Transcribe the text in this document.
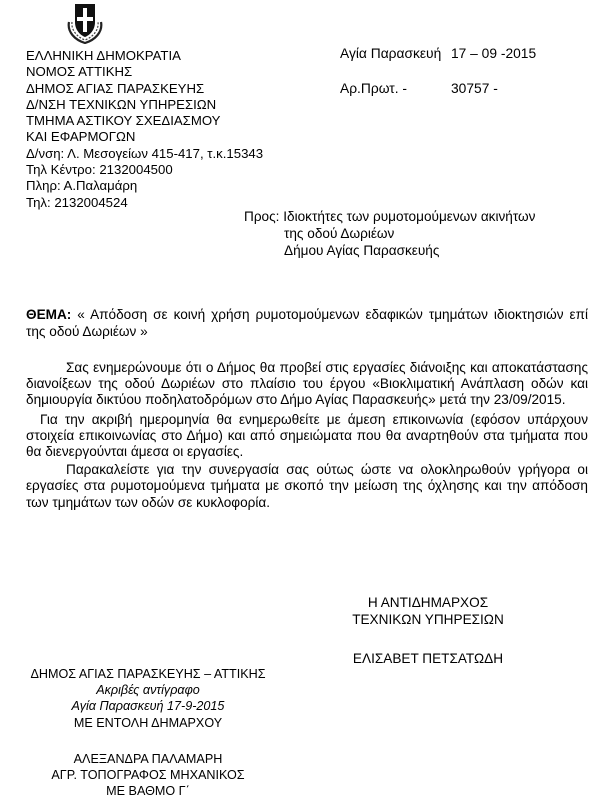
ΕΛΛΗΝΙΚΗ ΔΗΜΟΚΡΑΤΙΑ
ΝΟΜΟΣ ΑΤΤΙΚΗΣ
ΔΗΜΟΣ ΑΓΙΑΣ ΠΑΡΑΣΚΕΥΗΣ
Δ/ΝΣΗ ΤΕΧΝΙΚΩΝ ΥΠΗΡΕΣΙΩΝ
ΤΜΗΜΑ ΑΣΤΙΚΟΥ ΣΧΕΔΙΑΣΜΟΥ
ΚΑΙ ΕΦΑΡΜΟΓΩΝ
Δ/νση: Λ. Μεσογείων 415-417, τ.κ.15343
Τηλ Κέντρο: 2132004500
Πληρ: Α.Παλαμάρη
Τηλ: 2132004524
Αγία Παρασκευή 17 – 09 -2015
Αρ.Πρωτ. -	30757 -
Προς: Ιδιοκτήτες των ρυμοτομούμενων ακινήτων
της οδού Δωριέων
Δήμου Αγίας Παρασκευής

ΘΕΜΑ: « Απόδοση σε κοινή χρήση ρυμοτομούμενων εδαφικών τμημάτων ιδιοκτησιών επί της οδού Δωριέων »

Σας ενημερώνουμε ότι ο Δήμος θα προβεί στις εργασίες διάνοιξης και αποκατάστασης διανοίξεων της οδού Δωριέων στο πλαίσιο του έργου «Βιοκλιματική Ανάπλαση οδών και δημιουργία δικτύου ποδηλατοδρόμων στο Δήμο Αγίας Παρασκευής» μετά την 23/09/2015.

Για την ακριβή ημερομηνία θα ενημερωθείτε με άμεση επικοινωνία (εφόσον υπάρχουν στοιχεία επικοινωνίας στο Δήμο) και από σημειώματα που θα αναρτηθούν στα τμήματα που θα διενεργούνται άμεσα οι εργασίες.

Παρακαλείστε για την συνεργασία σας ούτως ώστε να ολοκληρωθούν γρήγορα οι εργασίες στα ρυμοτομούμενα τμήματα με σκοπό την μείωση της όχλησης και την απόδοση των τμημάτων των οδών σε κυκλοφορία.

Η ΑΝΤΙΔΗΜΑΡΧΟΣ
ΤΕΧΝΙΚΩΝ ΥΠΗΡΕΣΙΩΝ
ΕΛΙΣΑΒΕΤ ΠΕΤΣΑΤΩΔΗ
ΔΗΜΟΣ ΑΓΙΑΣ ΠΑΡΑΣΚΕΥΗΣ – ΑΤΤΙΚΗΣ
Ακριβές αντίγραφο
Αγία Παρασκευή 17-9-2015
ΜΕ ΕΝΤΟΛΗ ΔΗΜΑΡΧΟΥ
ΑΛΕΞΑΝΔΡΑ ΠΑΛΑΜΑΡΗ
ΑΓΡ. ΤΟΠΟΓΡΑΦΟΣ ΜΗΧΑΝΙΚΟΣ
ΜΕ ΒΑΘΜΟ Γ΄
